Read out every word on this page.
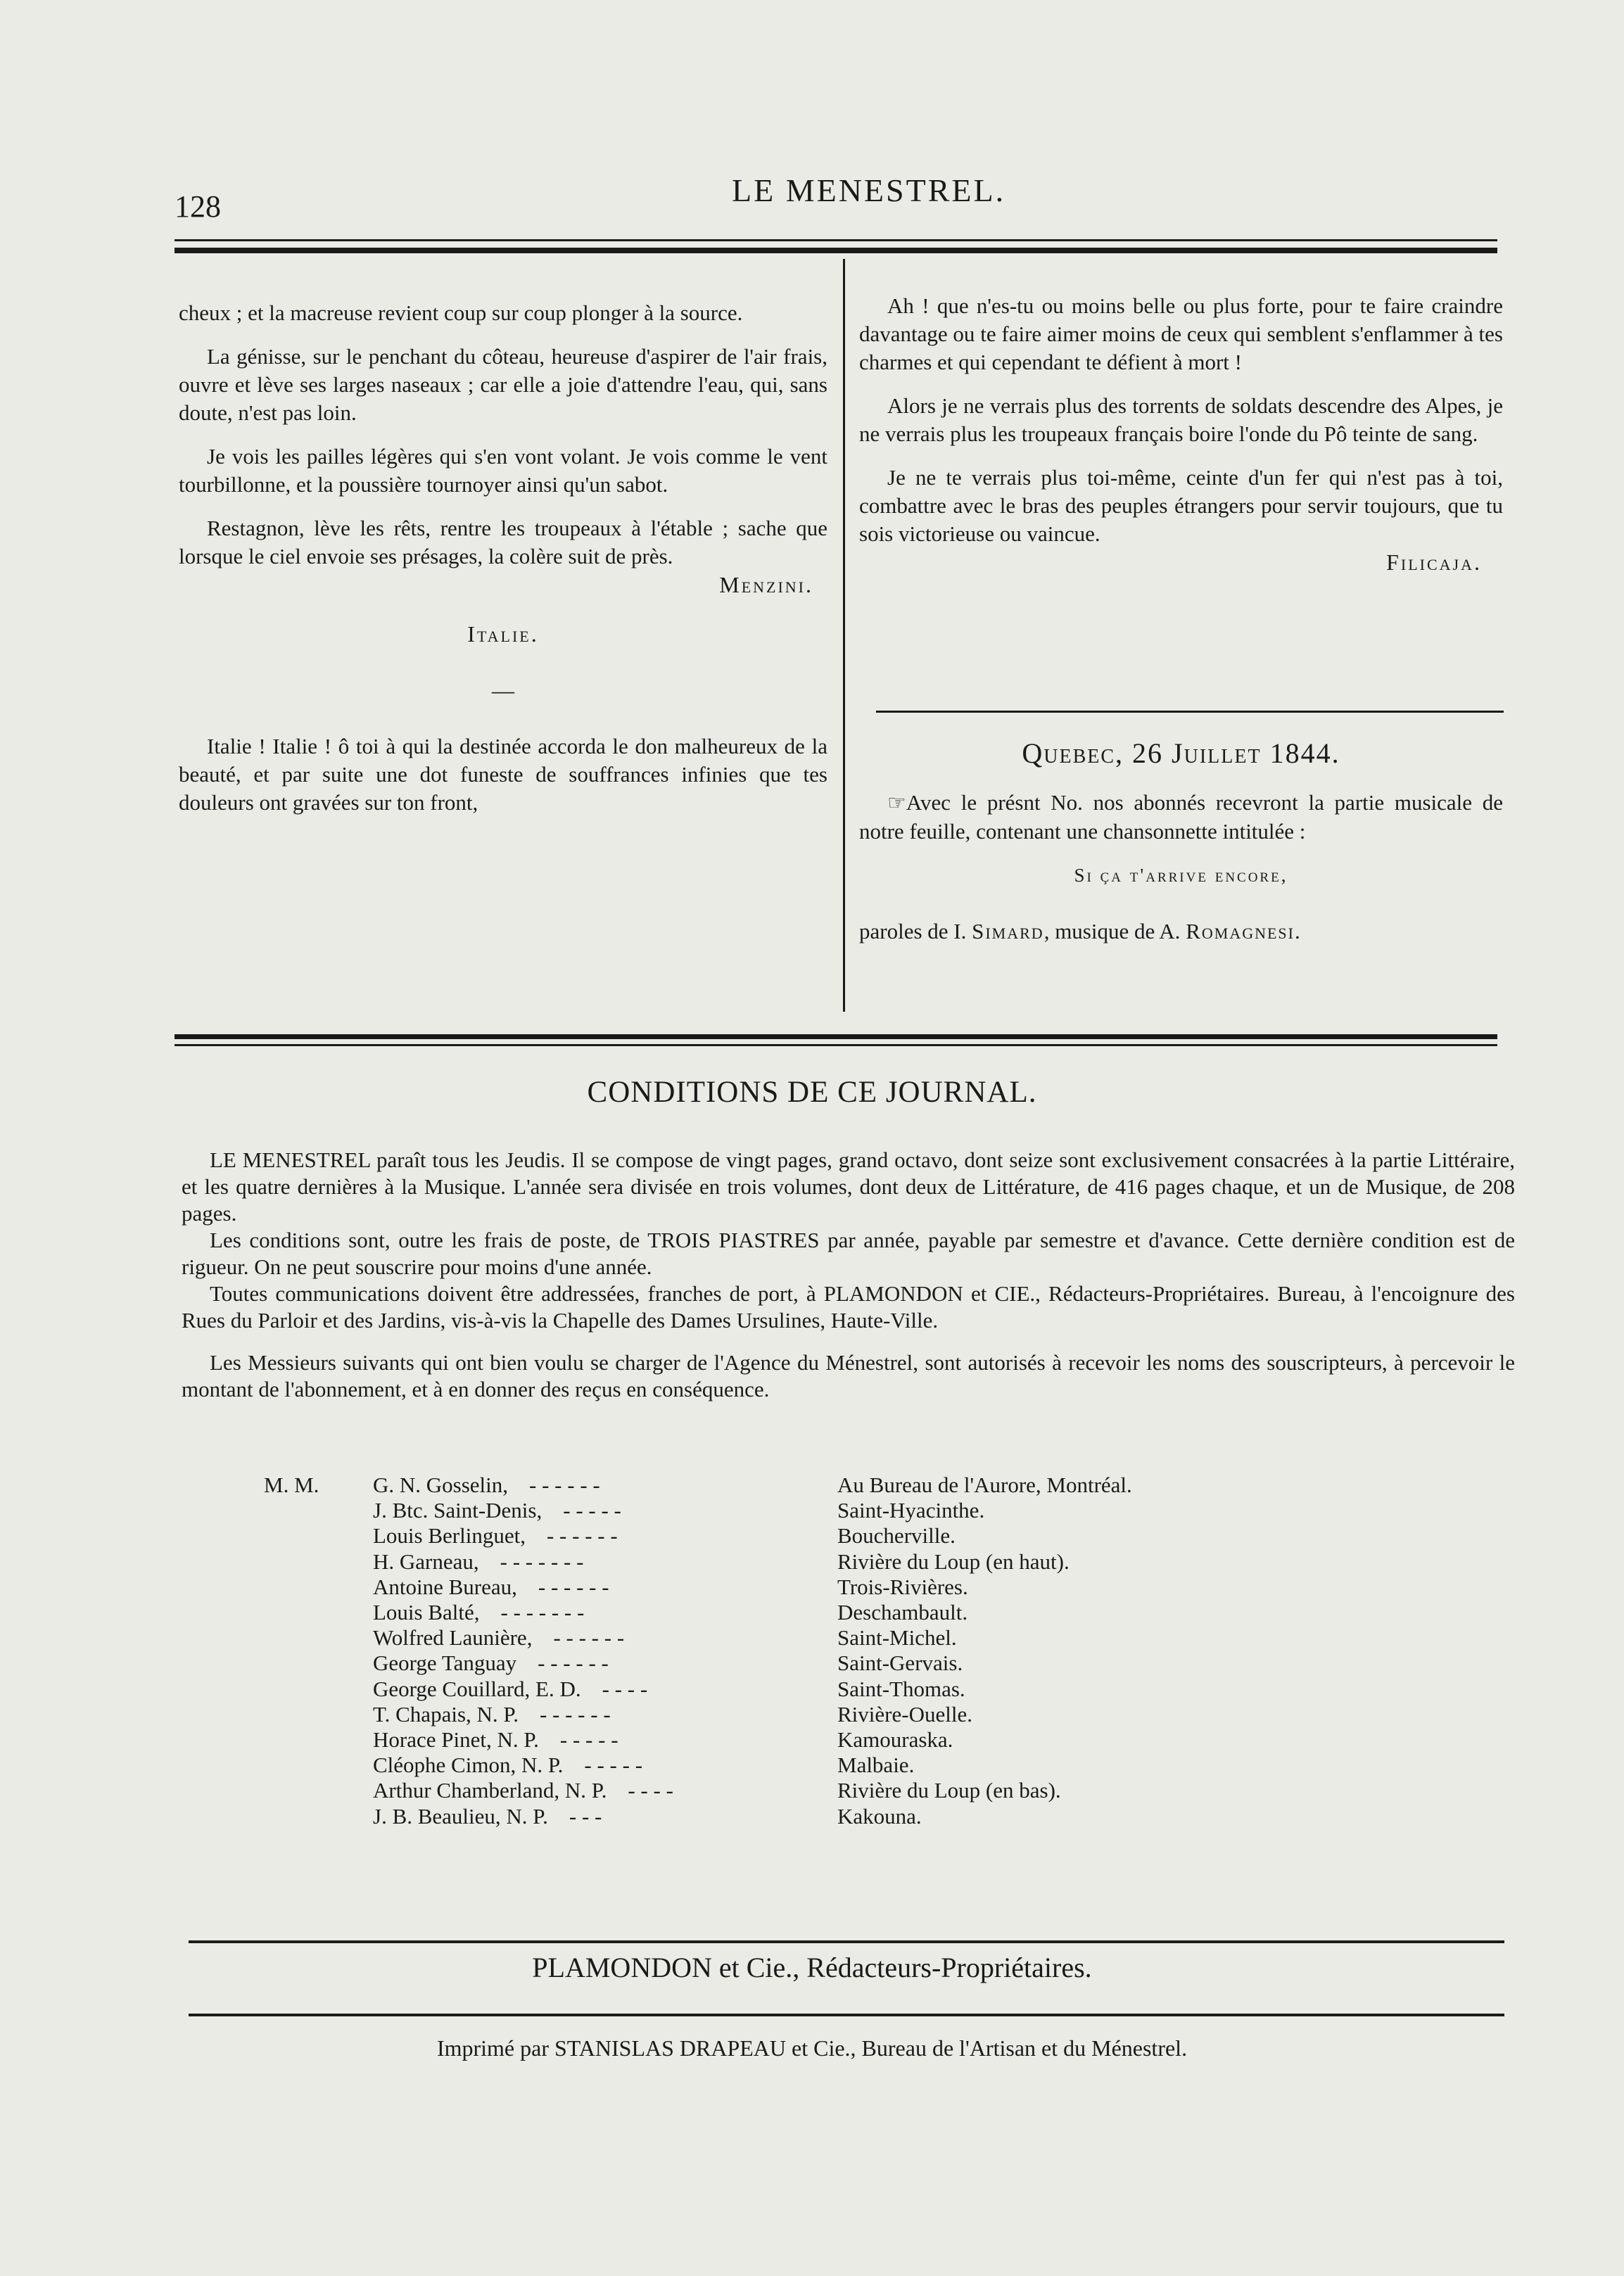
128	LE MENESTREL.

cheux ; et la macreuse revient coup sur coup plonger à la source.

La génisse, sur le penchant du côteau, heureuse d'aspirer de l'air frais, ouvre et lève ses larges naseaux ; car elle a joie d'attendre l'eau, qui, sans doute, n'est pas loin.

Je vois les pailles légères qui s'en vont volant. Je vois comme le vent tourbillonne, et la poussière tournoyer ainsi qu'un sabot.

Restagnon, lève les rêts, rentre les troupeaux à l'étable ; sache que lorsque le ciel envoie ses présages, la colère suit de près.

Menzini.
Italie.
—

Italie ! Italie ! ô toi à qui la destinée accorda le don malheureux de la beauté, et par suite une dot funeste de souffrances infinies que tes douleurs ont gravées sur ton front,

Ah ! que n'es-tu ou moins belle ou plus forte, pour te faire craindre davantage ou te faire aimer moins de ceux qui semblent s'enflammer à tes charmes et qui cependant te défient à mort !

Alors je ne verrais plus des torrents de soldats descendre des Alpes, je ne verrais plus les troupeaux français boire l'onde du Pô teinte de sang.

Je ne te verrais plus toi-même, ceinte d'un fer qui n'est pas à toi, combattre avec le bras des peuples étrangers pour servir toujours, que tu sois victorieuse ou vaincue.

Filicaja.
Quebec, 26 Juillet 1844.

☞Avec le présnt No. nos abonnés recevront la partie musicale de notre feuille, contenant une chansonnette intitulée :

Si ça t'arrive encore,
paroles de I. Simard, musique de A. Romagnesi.
CONDITIONS DE CE JOURNAL.

LE MENESTREL paraît tous les Jeudis. Il se compose de vingt pages, grand octavo, dont seize sont exclusivement consacrées à la partie Littéraire, et les quatre dernières à la Musique. L'année sera divisée en trois volumes, dont deux de Littérature, de 416 pages chaque, et un de Musique, de 208 pages.

Les conditions sont, outre les frais de poste, de TROIS PIASTRES par année, payable par semestre et d'avance. Cette dernière condition est de rigueur. On ne peut souscrire pour moins d'une année.

Toutes communications doivent être addressées, franches de port, à PLAMONDON et CIE., Rédacteurs-Propriétaires. Bureau, à l'encoignure des Rues du Parloir et des Jardins, vis-à-vis la Chapelle des Dames Ursulines, Haute-Ville.

Les Messieurs suivants qui ont bien voulu se charger de l'Agence du Ménestrel, sont autorisés à recevoir les noms des souscripteurs, à percevoir le montant de l'abonnement, et à en donner des reçus en conséquence.

M. M.	G. N. Gosselin, - - - - - -	Au Bureau de l'Aurore, Montréal.
	J. Btc. Saint-Denis, - - - - -	Saint-Hyacinthe.
	Louis Berlinguet, - - - - - -	Boucherville.
	H. Garneau, - - - - - - -	Rivière du Loup (en haut).
	Antoine Bureau, - - - - - -	Trois-Rivières.
	Louis Balté, - - - - - - -	Deschambault.
	Wolfred Launière, - - - - - -	Saint-Michel.
	George Tanguay - - - - - -	Saint-Gervais.
	George Couillard, E. D. - - - -	Saint-Thomas.
	T. Chapais, N. P. - - - - - -	Rivière-Ouelle.
	Horace Pinet, N. P. - - - - -	Kamouraska.
	Cléophe Cimon, N. P. - - - - -	Malbaie.
	Arthur Chamberland, N. P. - - - -	Rivière du Loup (en bas).
	J. B. Beaulieu, N. P. - - -	Kakouna.
PLAMONDON et Cie., Rédacteurs-Propriétaires.
Imprimé par STANISLAS DRAPEAU et Cie., Bureau de l'Artisan et du Ménestrel.
